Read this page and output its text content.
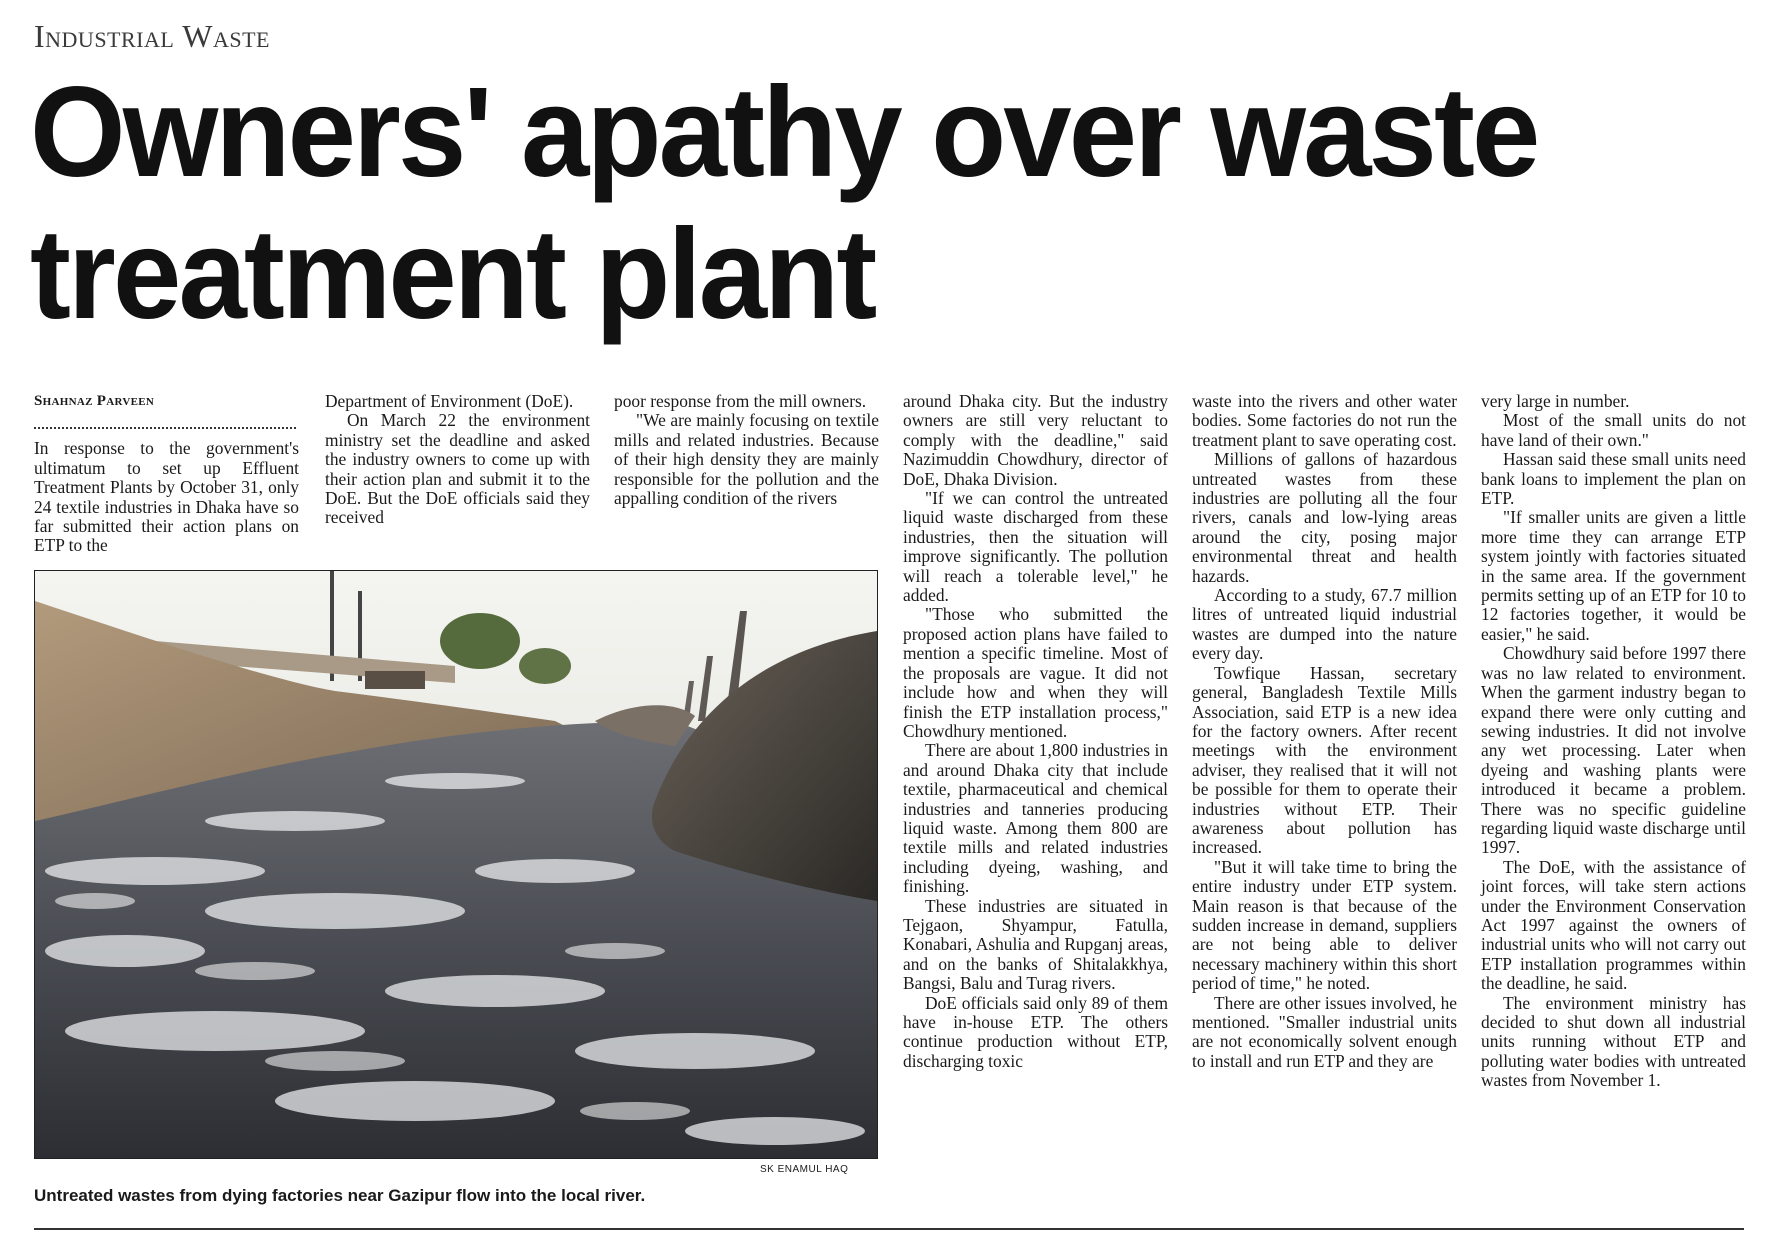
Industrial Waste
Owners' apathy over waste treatment plant
Shahnaz Parveen

In response to the government's ultimatum to set up Effluent Treatment Plants by October 31, only 24 textile industries in Dhaka have so far submitted their action plans on ETP to the

Department of Environment (DoE).

On March 22 the environment ministry set the deadline and asked the industry owners to come up with their action plan and submit it to the DoE. But the DoE officials said they received

poor response from the mill owners.

"We are mainly focusing on textile mills and related industries. Because of their high density they are mainly responsible for the pollution and the appalling condition of the rivers

around Dhaka city. But the industry owners are still very reluctant to comply with the deadline," said Nazimuddin Chowdhury, director of DoE, Dhaka Division.

"If we can control the untreated liquid waste discharged from these industries, then the situation will improve significantly. The pollution will reach a tolerable level," he added.

"Those who submitted the proposed action plans have failed to mention a specific timeline. Most of the proposals are vague. It did not include how and when they will finish the ETP installation process," Chowdhury mentioned.

There are about 1,800 industries in and around Dhaka city that include textile, pharmaceutical and chemical industries and tanneries producing liquid waste. Among them 800 are textile mills and related industries including dyeing, washing, and finishing.

These industries are situated in Tejgaon, Shyampur, Fatulla, Konabari, Ashulia and Rupganj areas, and on the banks of Shitalakkhya, Bangsi, Balu and Turag rivers.

DoE officials said only 89 of them have in-house ETP. The others continue production without ETP, discharging toxic

waste into the rivers and other water bodies. Some factories do not run the treatment plant to save operating cost.

Millions of gallons of hazardous untreated wastes from these industries are polluting all the four rivers, canals and low-lying areas around the city, posing major environmental threat and health hazards.

According to a study, 67.7 million litres of untreated liquid industrial wastes are dumped into the nature every day.

Towfique Hassan, secretary general, Bangladesh Textile Mills Association, said ETP is a new idea for the factory owners. After recent meetings with the environment adviser, they realised that it will not be possible for them to operate their industries without ETP. Their awareness about pollution has increased.

"But it will take time to bring the entire industry under ETP system. Main reason is that because of the sudden increase in demand, suppliers are not being able to deliver necessary machinery within this short period of time," he noted.

There are other issues involved, he mentioned. "Smaller industrial units are not economically solvent enough to install and run ETP and they are

very large in number.

Most of the small units do not have land of their own."

Hassan said these small units need bank loans to implement the plan on ETP.

"If smaller units are given a little more time they can arrange ETP system jointly with factories situated in the same area. If the government permits setting up of an ETP for 10 to 12 factories together, it would be easier," he said.

Chowdhury said before 1997 there was no law related to environment. When the garment industry began to expand there were only cutting and sewing industries. It did not involve any wet processing. Later when dyeing and washing plants were introduced it became a problem. There was no specific guideline regarding liquid waste discharge until 1997.

The DoE, with the assistance of joint forces, will take stern actions under the Environment Conservation Act 1997 against the owners of industrial units who will not carry out ETP installation programmes within the deadline, he said.

The environment ministry has decided to shut down all industrial units running without ETP and polluting water bodies with untreated wastes from November 1.

SK ENAMUL HAQ
Untreated wastes from dying factories near Gazipur flow into the local river.
